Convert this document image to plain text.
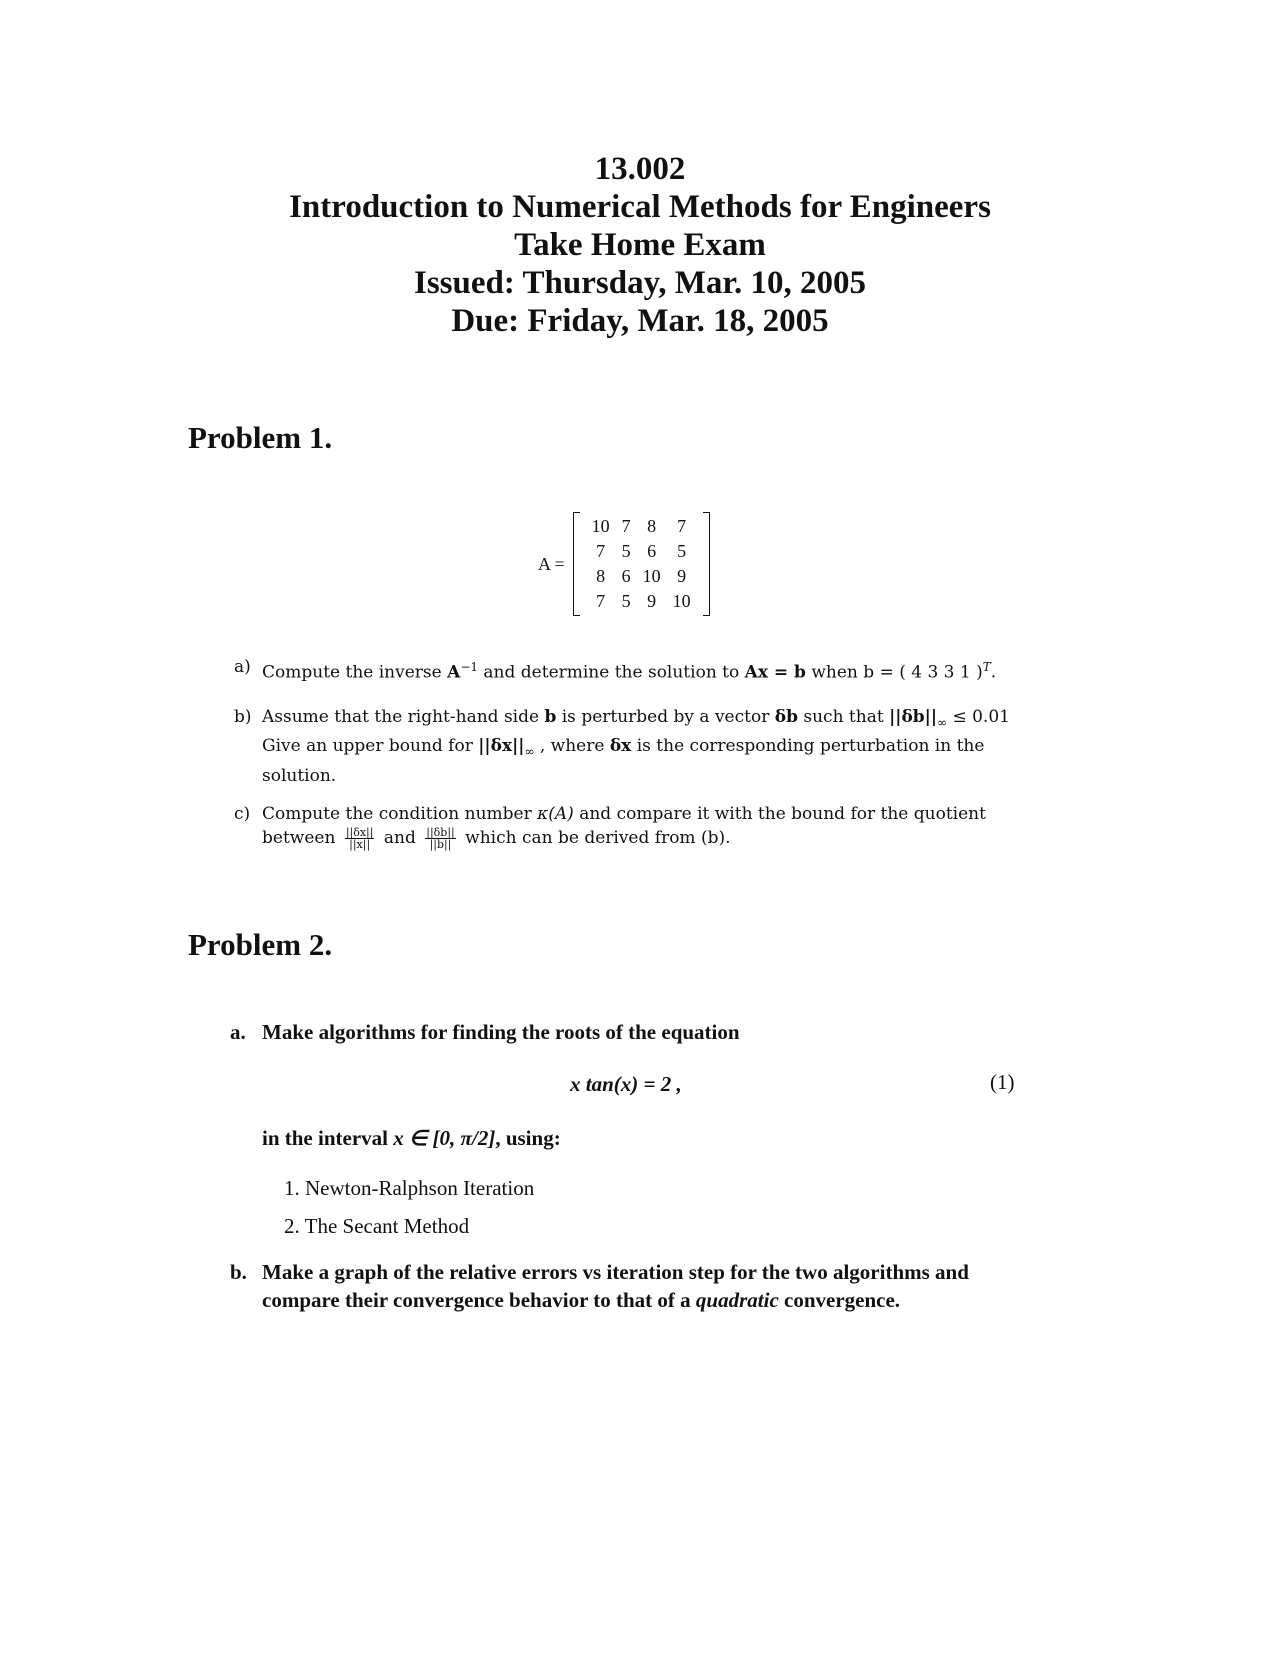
13.002
Introduction to Numerical Methods for Engineers
Take Home Exam
Issued: Thursday, Mar. 10, 2005
Due: Friday, Mar. 18, 2005
Problem 1.
A =
10	7	8	7
7	5	6	5
8	6	10	9
7	5	9	10
a) Compute the inverse $A^{-1}$ and determine the solution to Ax = b when b = ( 4 3 3 1 )$^T$.
b) Assume that the right-hand side b is perturbed by a vector δb such that $||\delta b||_\infty \le 0.01$
Give an upper bound for $||\delta x||_\infty$ , where δx is the corresponding perturbation in the solution.
c) Compute the condition number κ(A) and compare it with the bound for the quotient between $\frac{||\delta x||}{||x||}$ and $\frac{||\delta b||}{||b||}$ which can be derived from (b).
Problem 2.
a. Make algorithms for finding the roots of the equation
x tan(x) = 2 ,	(1)
in the interval x ∈ [0, π/2], using:
1. Newton-Ralphson Iteration
2. The Secant Method
b. Make a graph of the relative errors vs iteration step for the two algorithms and compare their convergence behavior to that of a quadratic convergence.
